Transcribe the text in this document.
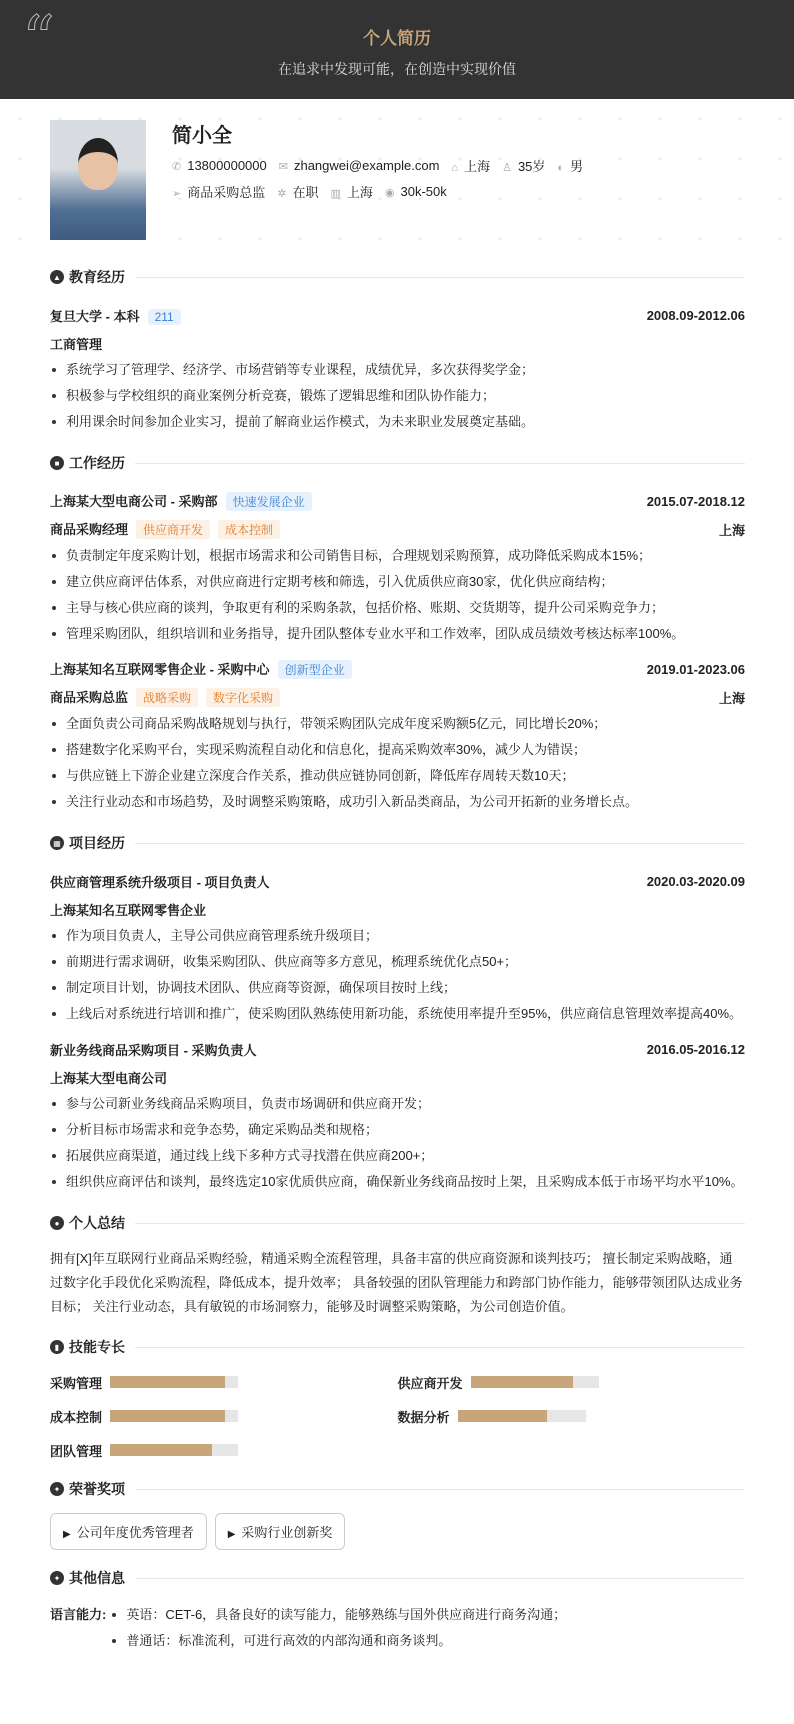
“	个人简历
在追求中发现可能，在创造中实现价值
简小全
✆ 13800000000 ✉ zhangwei@example.com ⌂ 上海 ♙ 35岁 ◐ 男
➢ 商品采购总监 ✲ 在职 ▥ 上海 ◉ 30k-50k
▲ 教育经历
复旦大学 - 本科 211	2008.09-2012.06
工商管理
系统学习了管理学、经济学、市场营销等专业课程，成绩优异，多次获得奖学金；
积极参与学校组织的商业案例分析竞赛，锻炼了逻辑思维和团队协作能力；
利用课余时间参加企业实习，提前了解商业运作模式，为未来职业发展奠定基础。
■ 工作经历
上海某大型电商公司 - 采购部 快速发展企业	2015.07-2018.12
商品采购经理 供应商开发 成本控制	上海
负责制定年度采购计划，根据市场需求和公司销售目标，合理规划采购预算，成功降低采购成本15%；
建立供应商评估体系，对供应商进行定期考核和筛选，引入优质供应商30家，优化供应商结构；
主导与核心供应商的谈判，争取更有利的采购条款，包括价格、账期、交货期等，提升公司采购竞争力；
管理采购团队，组织培训和业务指导，提升团队整体专业水平和工作效率，团队成员绩效考核达标率100%。
上海某知名互联网零售企业 - 采购中心 创新型企业	2019.01-2023.06
商品采购总监 战略采购 数字化采购	上海
全面负责公司商品采购战略规划与执行，带领采购团队完成年度采购额5亿元，同比增长20%；
搭建数字化采购平台，实现采购流程自动化和信息化，提高采购效率30%，减少人为错误；
与供应链上下游企业建立深度合作关系，推动供应链协同创新，降低库存周转天数10天；
关注行业动态和市场趋势，及时调整采购策略，成功引入新品类商品，为公司开拓新的业务增长点。
▦ 项目经历
供应商管理系统升级项目 - 项目负责人	2020.03-2020.09
上海某知名互联网零售企业
作为项目负责人，主导公司供应商管理系统升级项目；
前期进行需求调研，收集采购团队、供应商等多方意见，梳理系统优化点50+；
制定项目计划，协调技术团队、供应商等资源，确保项目按时上线；
上线后对系统进行培训和推广，使采购团队熟练使用新功能，系统使用率提升至95%，供应商信息管理效率提高40%。
新业务线商品采购项目 - 采购负责人	2016.05-2016.12
上海某大型电商公司
参与公司新业务线商品采购项目，负责市场调研和供应商开发；
分析目标市场需求和竞争态势，确定采购品类和规格；
拓展供应商渠道，通过线上线下多种方式寻找潜在供应商200+；
组织供应商评估和谈判，最终选定10家优质供应商，确保新业务线商品按时上架，且采购成本低于市场平均水平10%。
● 个人总结
拥有[X]年互联网行业商品采购经验，精通采购全流程管理，具备丰富的供应商资源和谈判技巧； 擅长制定采购战略，通过数字化手段优化采购流程，降低成本，提升效率； 具备较强的团队管理能力和跨部门协作能力，能够带领团队达成业务目标； 关注行业动态，具有敏锐的市场洞察力，能够及时调整采购策略，为公司创造价值。
▮ 技能专长
采购管理	供应商开发
成本控制	数据分析
团队管理
✦ 荣誉奖项
▶ 公司年度优秀管理者	▶ 采购行业创新奖
✦ 其他信息
语言能力:	英语：CET-6，具备良好的读写能力，能够熟练与国外供应商进行商务沟通；
普通话：标准流利，可进行高效的内部沟通和商务谈判。
